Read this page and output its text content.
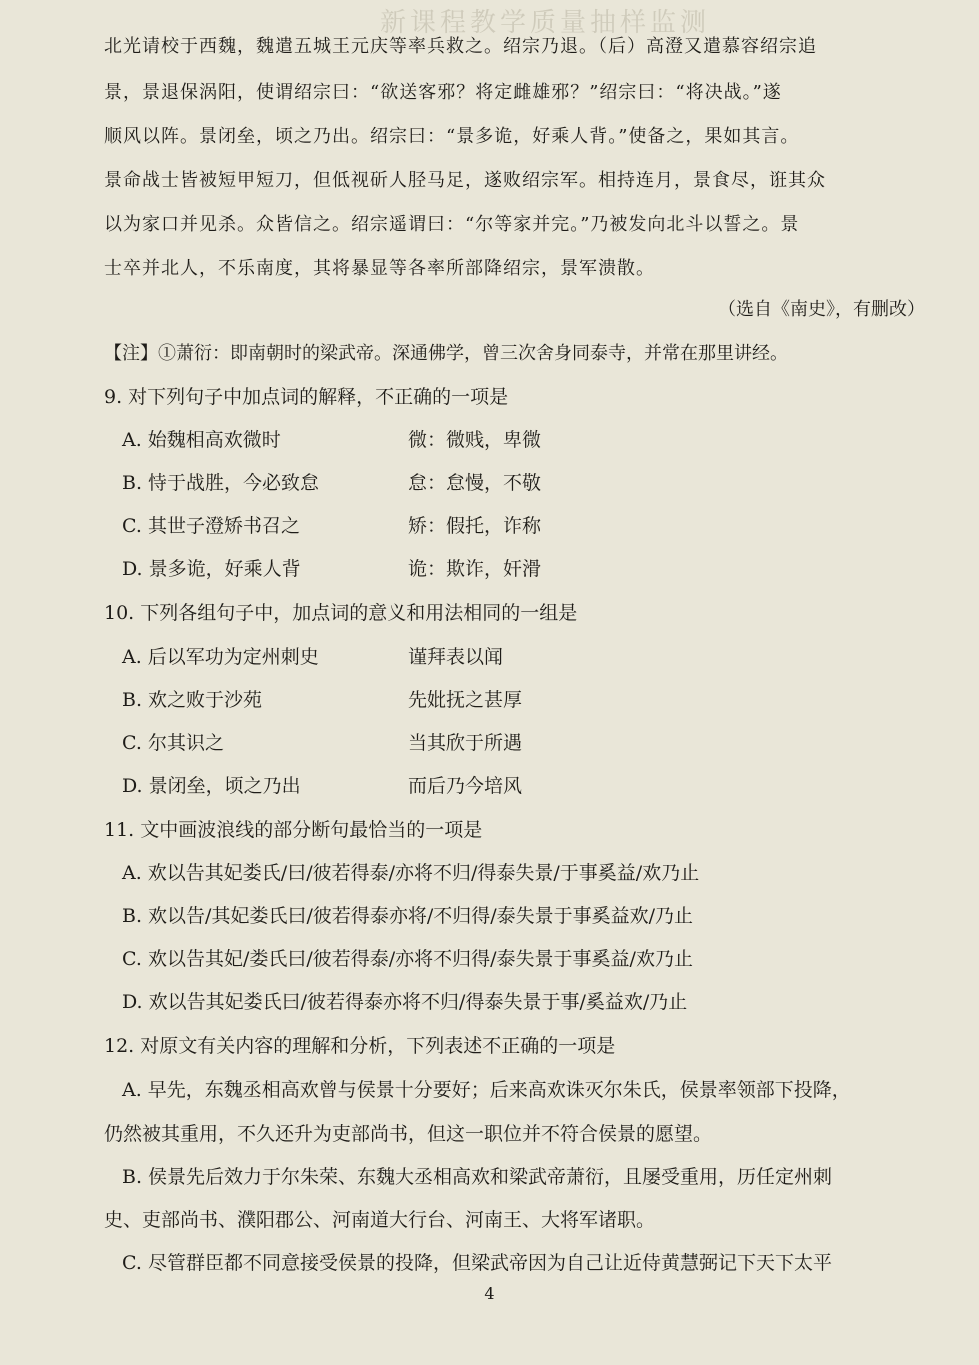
新课程教学质量抽样监测
北光请校于西魏，魏遣五城王元庆等率兵救之。绍宗乃退。（后）高澄又遣慕容绍宗追
景，景退保涡阳，使谓绍宗曰：“欲送客邪？将定雌雄邪？”绍宗曰：“将决战。”遂
顺风以阵。景闭垒，顷之乃出。绍宗曰：“景多诡，好乘人背。”使备之，果如其言。
景命战士皆被短甲短刀，但低视斫人胫马足，遂败绍宗军。相持连月，景食尽，诳其众
以为家口并见杀。众皆信之。绍宗遥谓曰：“尔等家并完。”乃被发向北斗以誓之。景
士卒并北人，不乐南度，其将暴显等各率所部降绍宗，景军溃散。
（选自《南史》，有删改）
【注】①萧衍：即南朝时的梁武帝。深通佛学，曾三次舍身同泰寺，并常在那里讲经。
9. 对下列句子中加点词的解释，不正确的一项是
A. 始魏相高欢微时	微：微贱，卑微
B. 恃于战胜，今必致怠	怠：怠慢，不敬
C. 其世子澄矫书召之	矫：假托，诈称
D. 景多诡，好乘人背	诡：欺诈，奸滑
10. 下列各组句子中，加点词的意义和用法相同的一组是
A. 后以军功为定州刺史	谨拜表以闻
B. 欢之败于沙苑	先妣抚之甚厚
C. 尔其识之	当其欣于所遇
D. 景闭垒，顷之乃出	而后乃今培风
11. 文中画波浪线的部分断句最恰当的一项是
A. 欢以告其妃娄氏/曰/彼若得泰/亦将不归/得泰失景/于事奚益/欢乃止
B. 欢以告/其妃娄氏曰/彼若得泰亦将/不归得/泰失景于事奚益欢/乃止
C. 欢以告其妃/娄氏曰/彼若得泰/亦将不归得/泰失景于事奚益/欢乃止
D. 欢以告其妃娄氏曰/彼若得泰亦将不归/得泰失景于事/奚益欢/乃止
12. 对原文有关内容的理解和分析，下列表述不正确的一项是
A. 早先，东魏丞相高欢曾与侯景十分要好；后来高欢诛灭尔朱氏，侯景率领部下投降，
仍然被其重用，不久还升为吏部尚书，但这一职位并不符合侯景的愿望。
B. 侯景先后效力于尔朱荣、东魏大丞相高欢和梁武帝萧衍，且屡受重用，历任定州刺
史、吏部尚书、濮阳郡公、河南道大行台、河南王、大将军诸职。
C. 尽管群臣都不同意接受侯景的投降，但梁武帝因为自己让近侍黄慧弼记下天下太平
4
